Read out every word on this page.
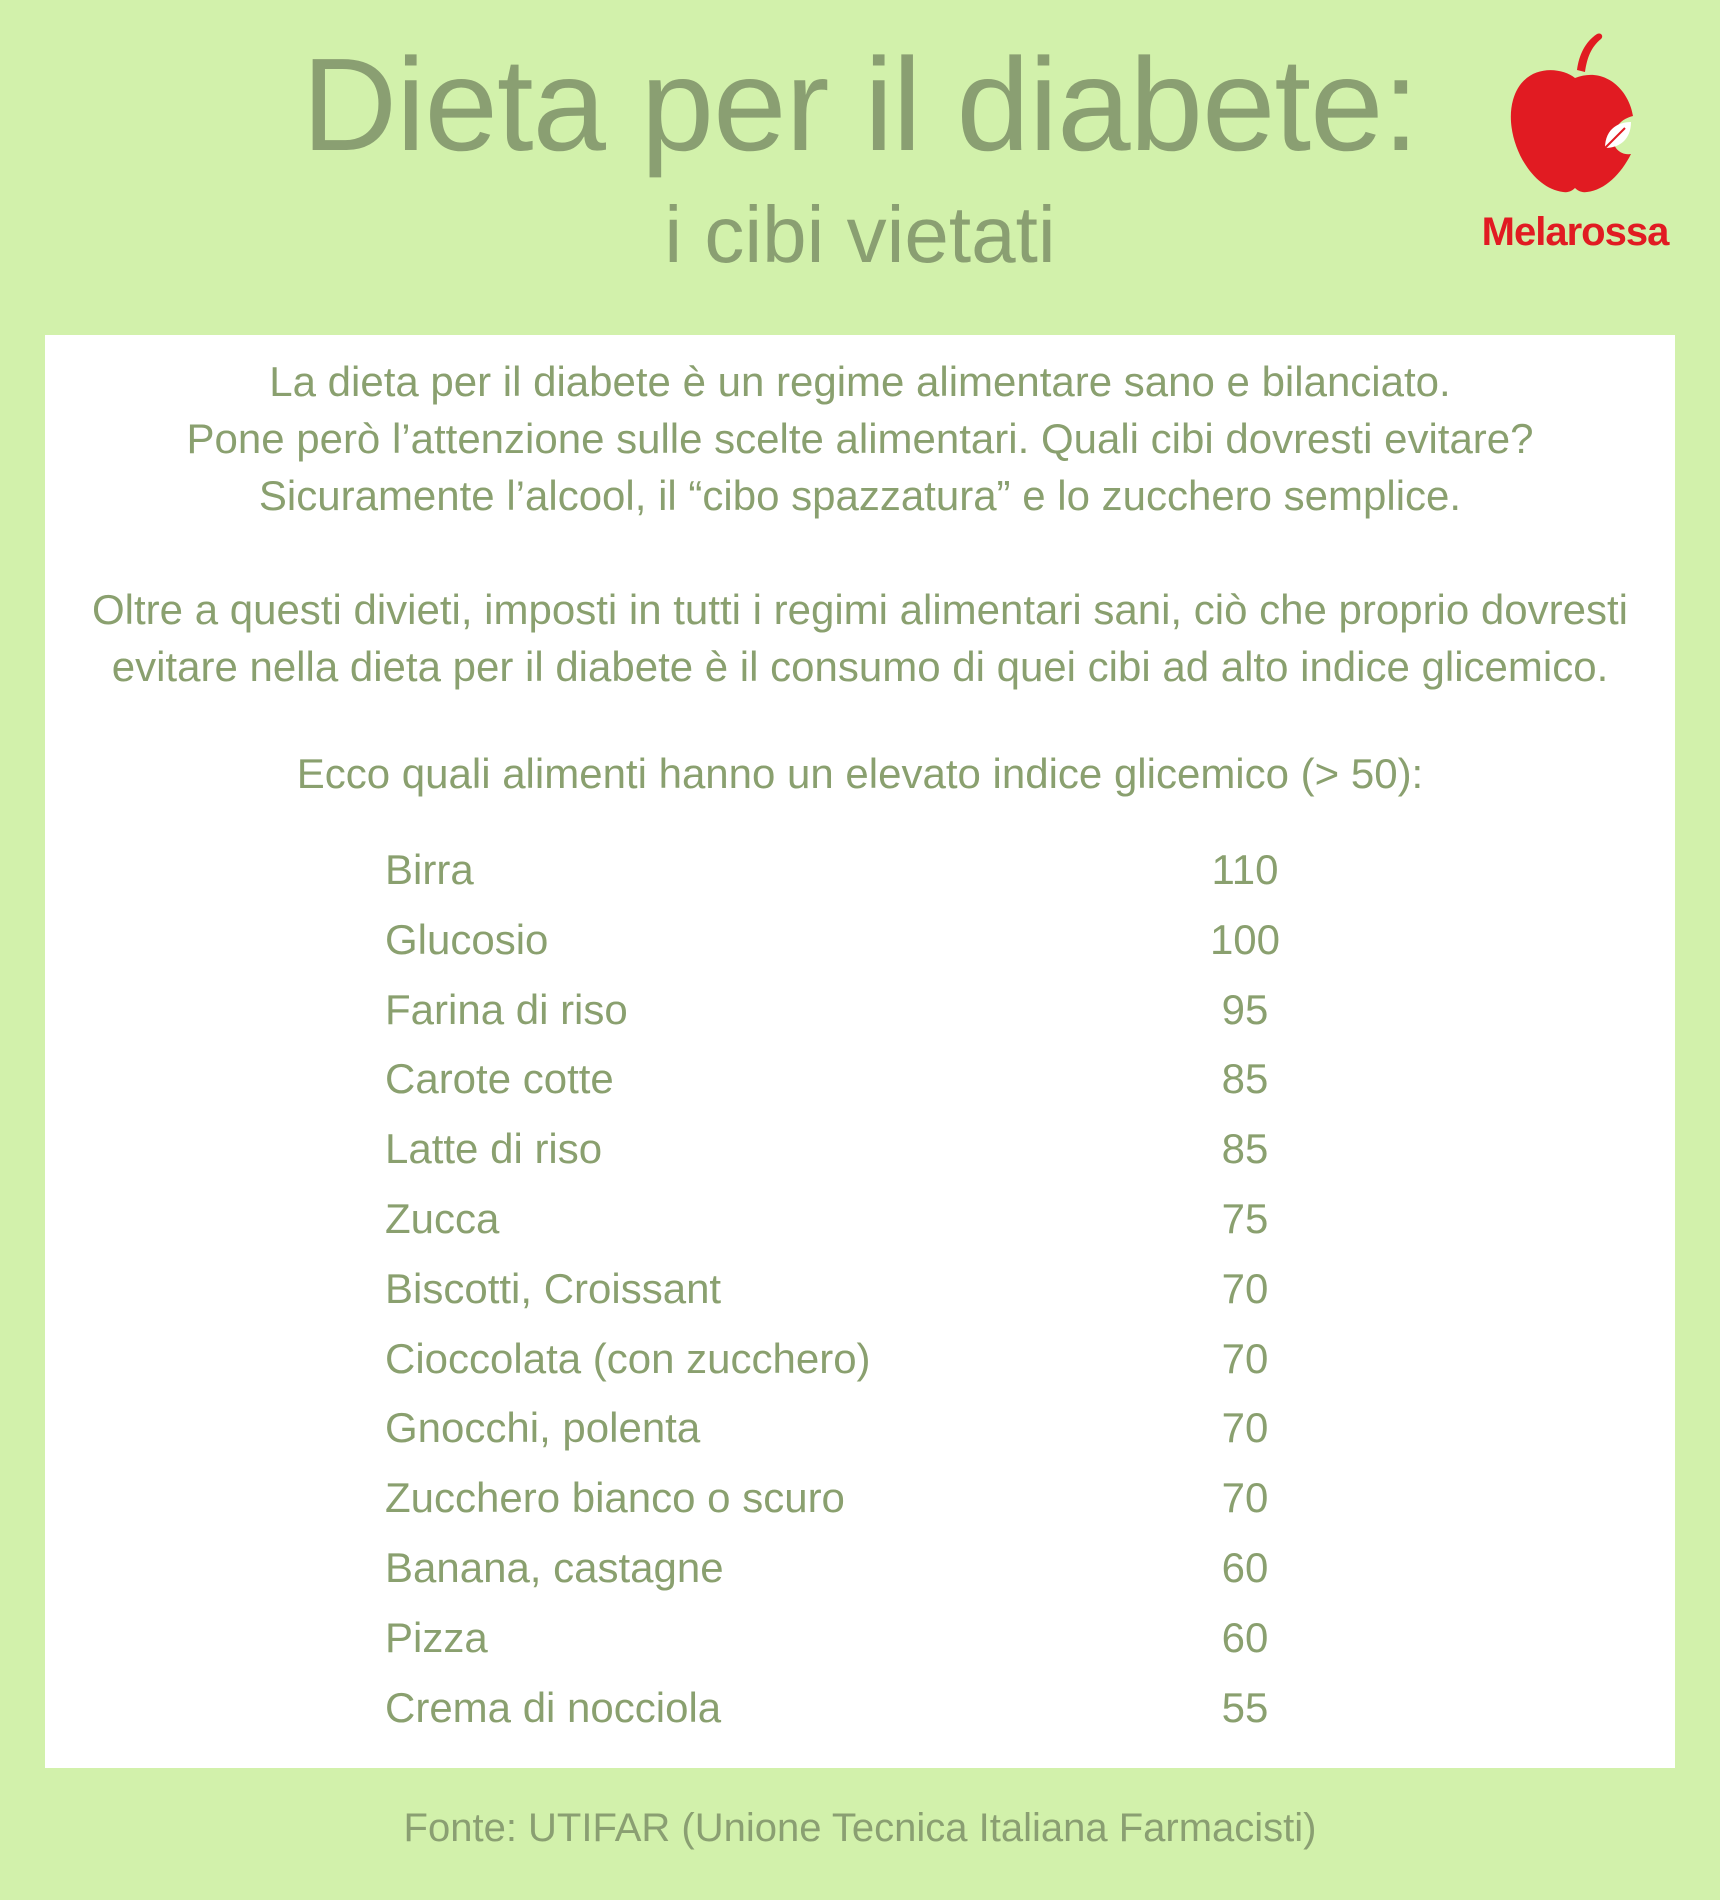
Dieta per il diabete:
i cibi vietati	Melarossa

La dieta per il diabete è un regime alimentare sano e bilanciato.

Pone però l’attenzione sulle scelte alimentari. Quali cibi dovresti evitare?

Sicuramente l’alcool, il “cibo spazzatura” e lo zucchero semplice.

Oltre a questi divieti, imposti in tutti i regimi alimentari sani, ciò che proprio dovresti

evitare nella dieta per il diabete è il consumo di quei cibi ad alto indice glicemico.

Ecco quali alimenti hanno un elevato indice glicemico (> 50):

Birra	110
Glucosio	100
Farina di riso	95
Carote cotte	85
Latte di riso	85
Zucca	75
Biscotti, Croissant	70
Cioccolata (con zucchero)	70
Gnocchi, polenta	70
Zucchero bianco o scuro	70
Banana, castagne	60
Pizza	60
Crema di nocciola	55
Fonte: UTIFAR (Unione Tecnica Italiana Farmacisti)
